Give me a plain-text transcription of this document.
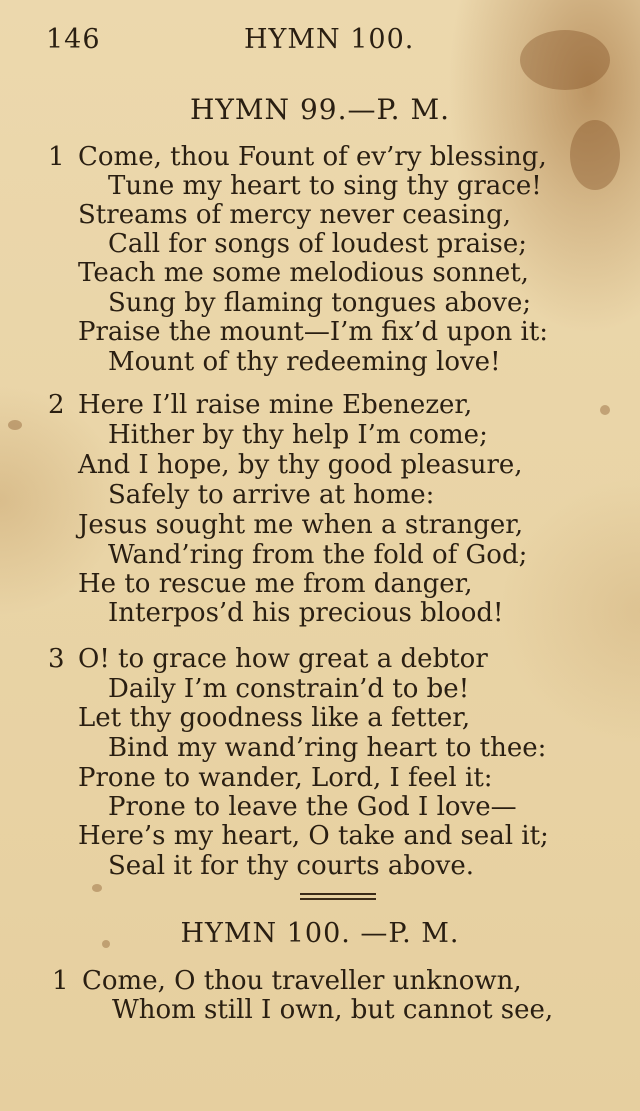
146	HYMN 100.
HYMN 99.—P. M.
1 Come, thou Fount of ev’ry blessing,
Tune my heart to sing thy grace!
Streams of mercy never ceasing,
Call for songs of loudest praise;
Teach me some melodious sonnet,
Sung by flaming tongues above;
Praise the mount—I’m fix’d upon it:
Mount of thy redeeming love!
2 Here I’ll raise mine Ebenezer,
Hither by thy help I’m come;
And I hope, by thy good pleasure,
Safely to arrive at home:
Jesus sought me when a stranger,
Wand’ring from the fold of God;
He to rescue me from danger,
Interpos’d his precious blood!
3 O! to grace how great a debtor
Daily I’m constrain’d to be!
Let thy goodness like a fetter,
Bind my wand’ring heart to thee:
Prone to wander, Lord, I feel it:
Prone to leave the God I love—
Here’s my heart, O take and seal it;
Seal it for thy courts above.
HYMN 100. —P. M.
1 Come, O thou traveller unknown,
Whom still I own, but cannot see,
